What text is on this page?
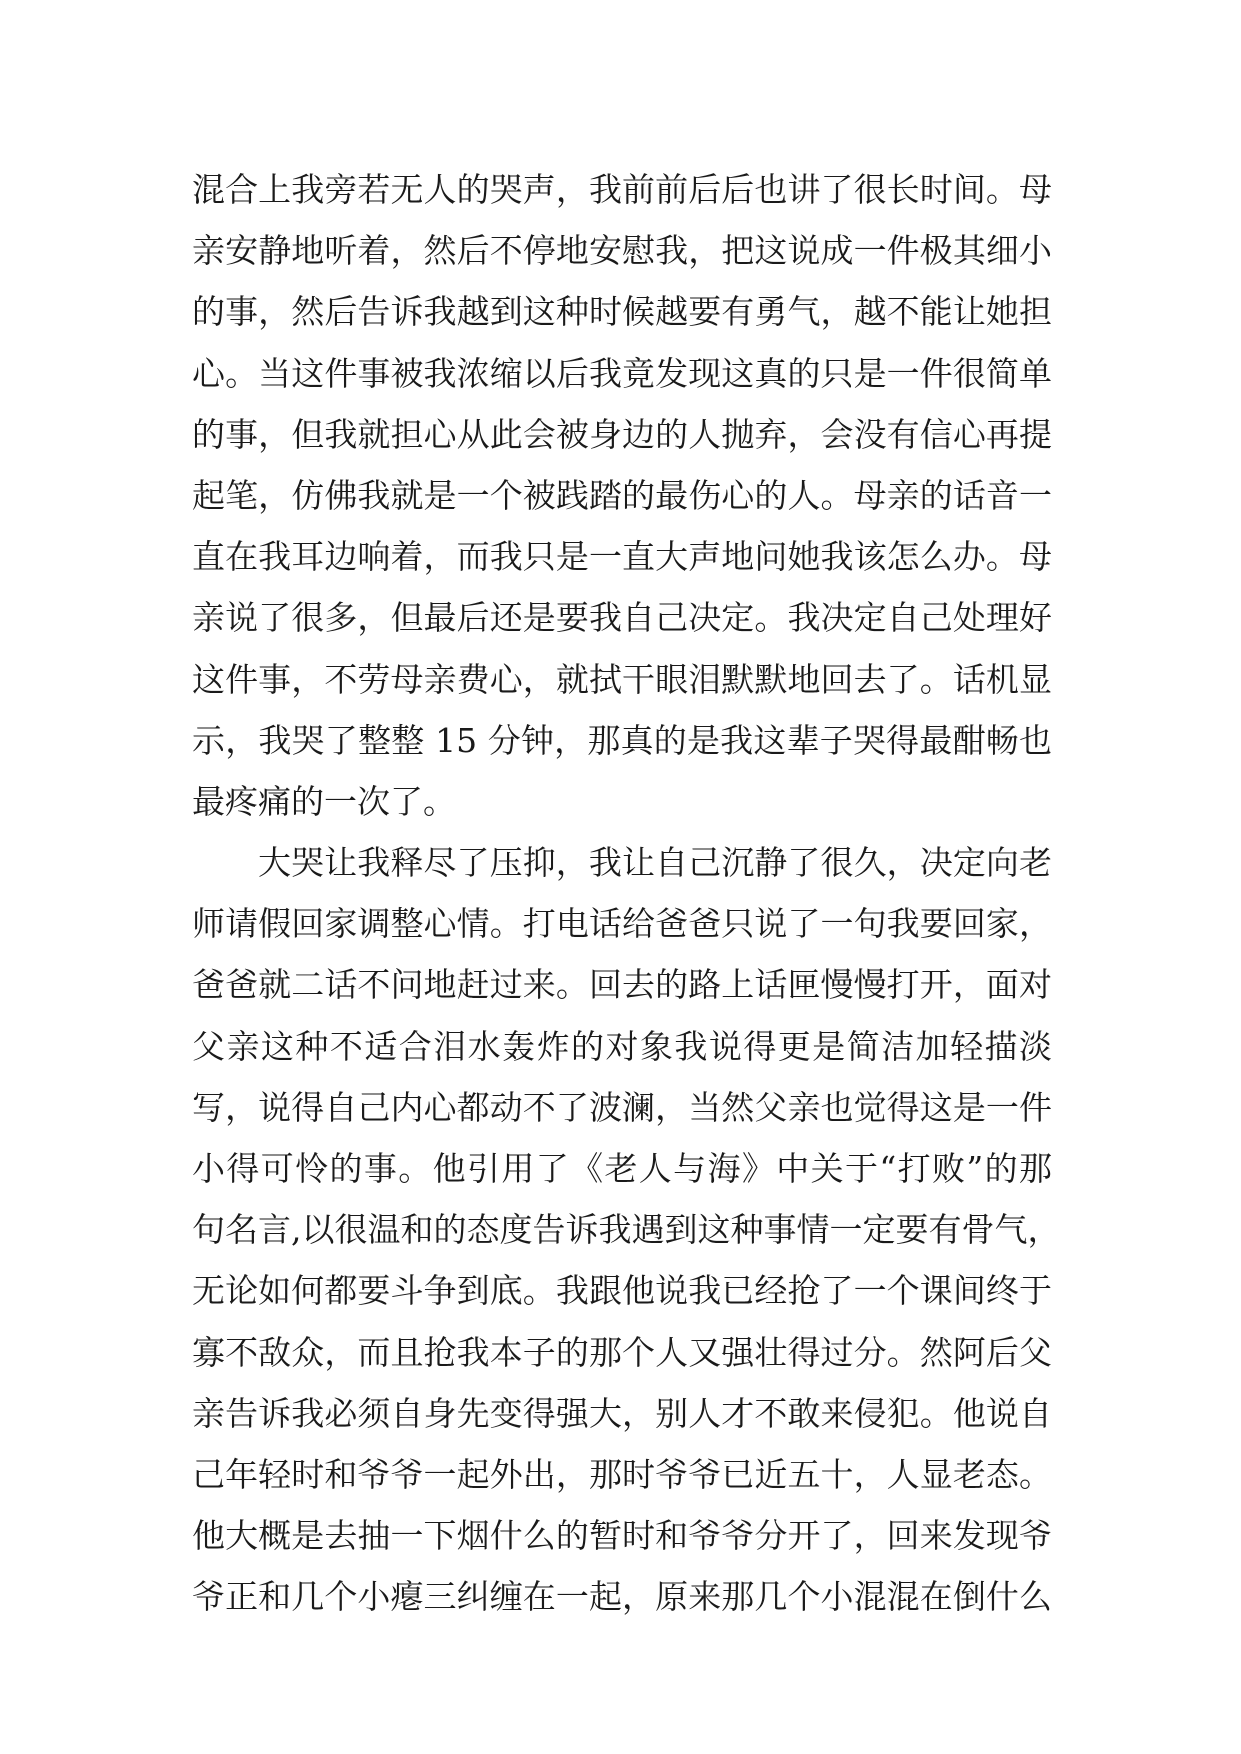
混合上我旁若无人的哭声，我前前后后也讲了很长时间。母
亲安静地听着，然后不停地安慰我，把这说成一件极其细小
的事，然后告诉我越到这种时候越要有勇气，越不能让她担
心。当这件事被我浓缩以后我竟发现这真的只是一件很简单
的事，但我就担心从此会被身边的人抛弃，会没有信心再提
起笔，仿佛我就是一个被践踏的最伤心的人。母亲的话音一
直在我耳边响着，而我只是一直大声地问她我该怎么办。母
亲说了很多，但最后还是要我自己决定。我决定自己处理好
这件事，不劳母亲费心，就拭干眼泪默默地回去了。话机显
示，我哭了整整 15 分钟，那真的是我这辈子哭得最酣畅也
最疼痛的一次了。
大哭让我释尽了压抑，我让自己沉静了很久，决定向老
师请假回家调整心情。打电话给爸爸只说了一句我要回家，
爸爸就二话不问地赶过来。回去的路上话匣慢慢打开，面对
父亲这种不适合泪水轰炸的对象我说得更是简洁加轻描淡
写，说得自己内心都动不了波澜，当然父亲也觉得这是一件
小得可怜的事。他引用了《老人与海》中关于“打败”的那
句名言,以很温和的态度告诉我遇到这种事情一定要有骨气，
无论如何都要斗争到底。我跟他说我已经抢了一个课间终于
寡不敌众，而且抢我本子的那个人又强壮得过分。然阿后父
亲告诉我必须自身先变得强大，别人才不敢来侵犯。他说自
己年轻时和爷爷一起外出，那时爷爷已近五十，人显老态。
他大概是去抽一下烟什么的暂时和爷爷分开了，回来发现爷
爷正和几个小瘪三纠缠在一起，原来那几个小混混在倒什么
